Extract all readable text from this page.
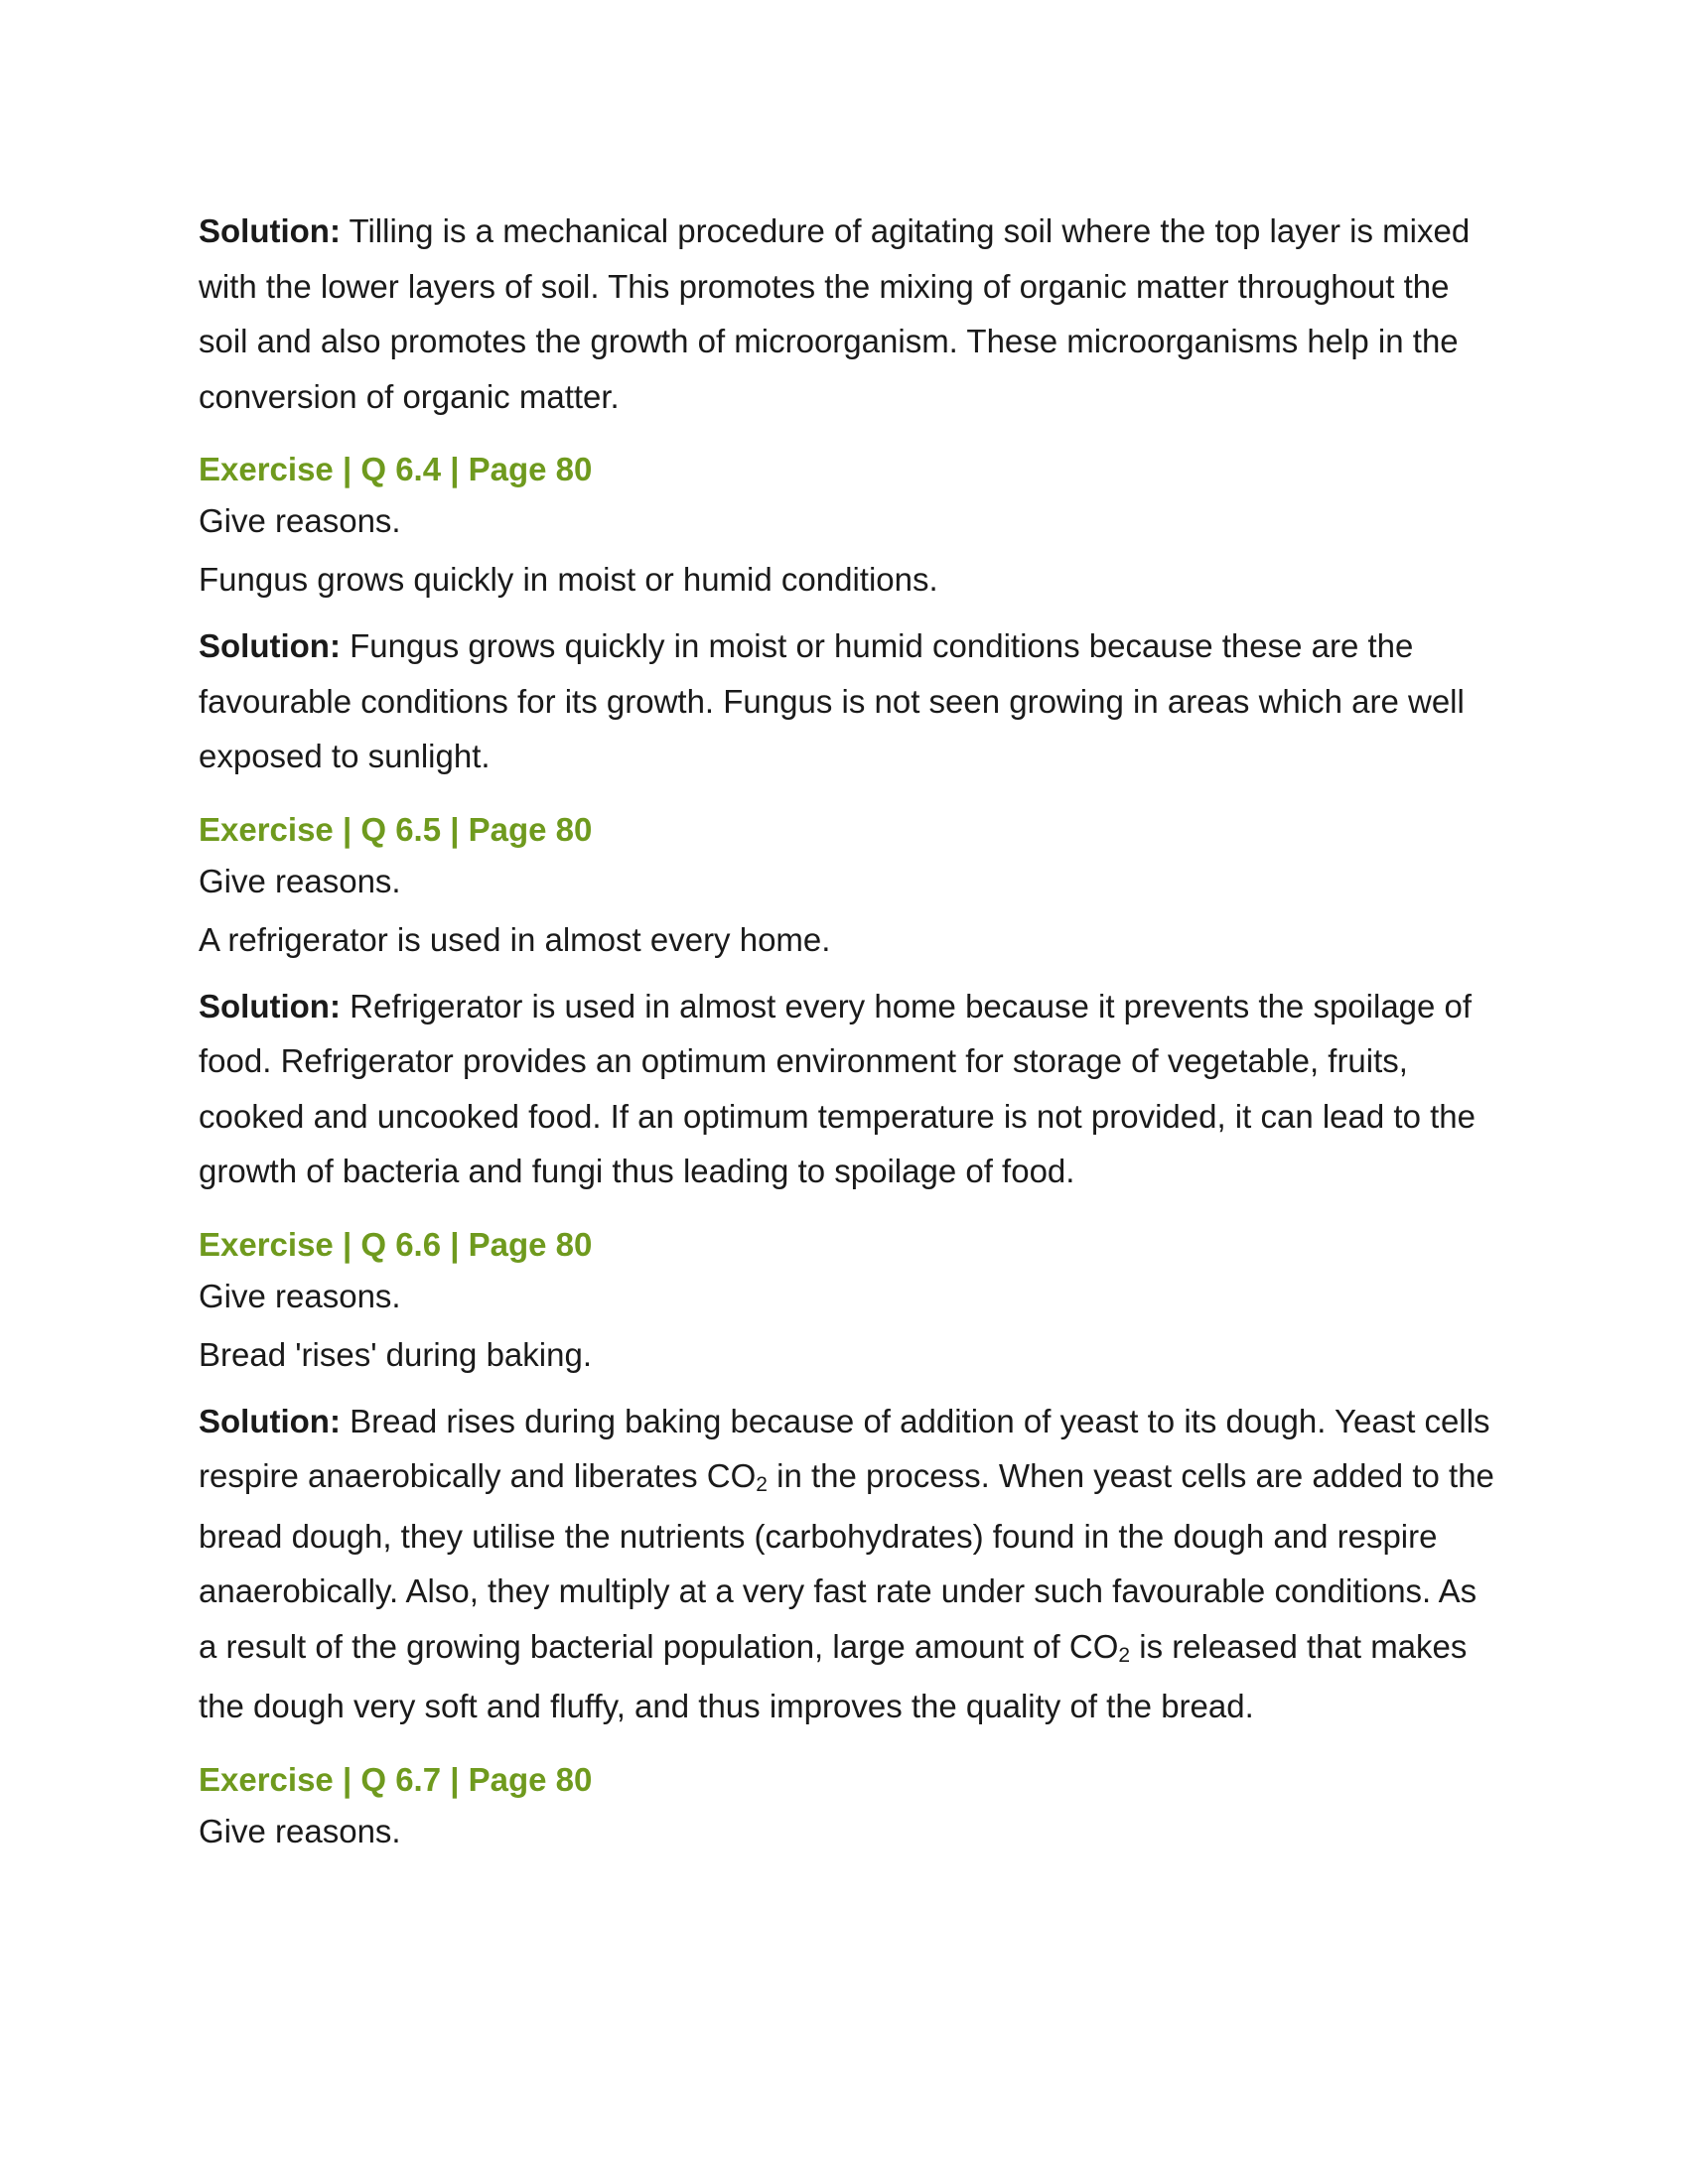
Solution: Tilling is a mechanical procedure of agitating soil where the top layer is mixed with the lower layers of soil. This promotes the mixing of organic matter throughout the soil and also promotes the growth of microorganism. These microorganisms help in the conversion of organic matter.

Exercise | Q 6.4 | Page 80

Give reasons.

Fungus grows quickly in moist or humid conditions.

Solution: Fungus grows quickly in moist or humid conditions because these are the favourable conditions for its growth. Fungus is not seen growing in areas which are well exposed to sunlight.

Exercise | Q 6.5 | Page 80

Give reasons.

A refrigerator is used in almost every home.

Solution: Refrigerator is used in almost every home because it prevents the spoilage of food. Refrigerator provides an optimum environment for storage of vegetable, fruits, cooked and uncooked food. If an optimum temperature is not provided, it can lead to the growth of bacteria and fungi thus leading to spoilage of food.

Exercise | Q 6.6 | Page 80

Give reasons.

Bread 'rises' during baking.

Solution: Bread rises during baking because of addition of yeast to its dough. Yeast cells respire anaerobically and liberates CO2 in the process. When yeast cells are added to the bread dough, they utilise the nutrients (carbohydrates) found in the dough and respire anaerobically. Also, they multiply at a very fast rate under such favourable conditions. As a result of the growing bacterial population, large amount of CO2 is released that makes the dough very soft and fluffy, and thus improves the quality of the bread.

Exercise | Q 6.7 | Page 80

Give reasons.
